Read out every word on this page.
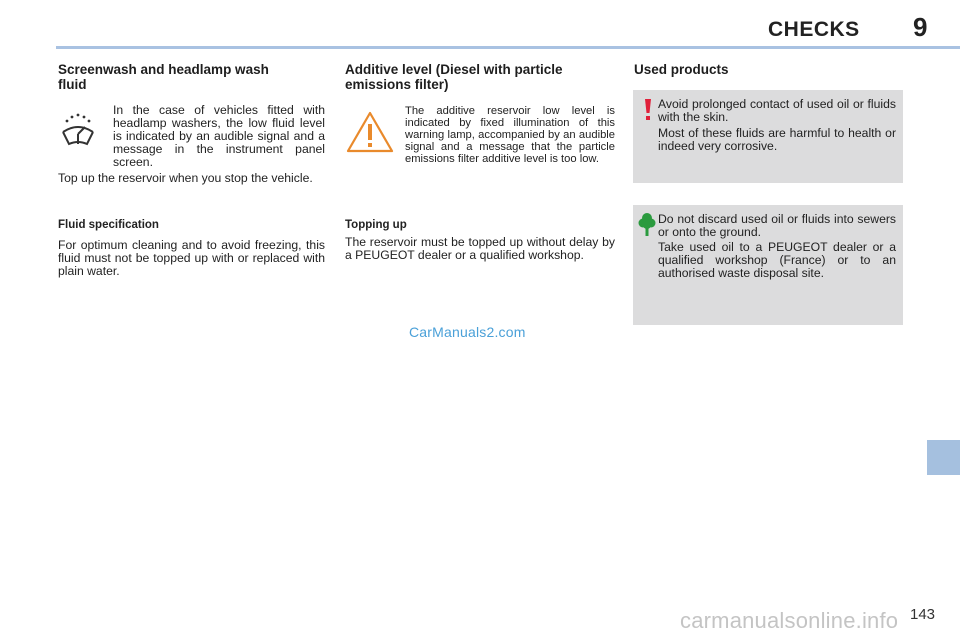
CHECKS 9
Screenwash and headlamp wash fluid
In the case of vehicles fitted with headlamp washers, the low fluid level is indicated by an audible signal and a message in the instrument panel screen.
Top up the reservoir when you stop the vehicle.
Fluid specification
For optimum cleaning and to avoid freezing, this fluid must not be topped up with or replaced with plain water.
Additive level (Diesel with particle emissions filter)
The additive reservoir low level is indicated by fixed illumination of this warning lamp, accompanied by an audible signal and a message that the particle emissions filter additive level is too low.
Topping up
The reservoir must be topped up without delay by a PEUGEOT dealer or a qualified workshop.
Used products
Avoid prolonged contact of used oil or fluids with the skin.
Most of these fluids are harmful to health or indeed very corrosive.
Do not discard used oil or fluids into sewers or onto the ground.
Take used oil to a PEUGEOT dealer or a qualified workshop (France) or to an authorised waste disposal site.
CarManuals2.com
carmanualsonline.info 143
